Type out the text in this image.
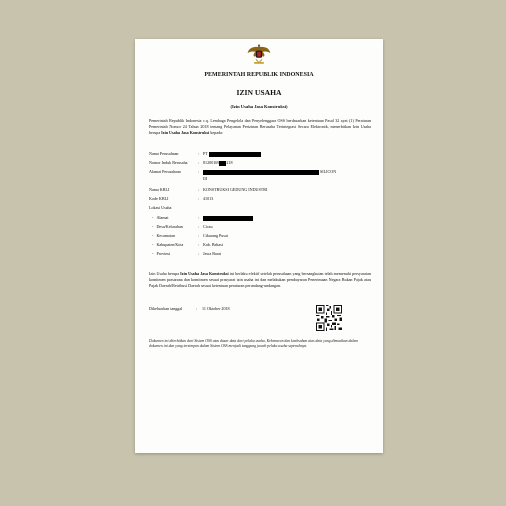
PEMERINTAH REPUBLIK INDONESIA
IZIN USAHA
(Izin Usaha Jasa Konstruksi)
Pemerintah Republik Indonesia c.q. Lembaga Pengelola dan Penyelenggara OSS berdasarkan ketentuan Pasal 32 ayat (1) Peraturan Pemerintah Nomor 24 Tahun 2018 tentang Pelayanan Perizinan Berusaha Terintegrasi Secara Elektronik, menerbitkan Izin Usaha berupa Izin Usaha Jasa Konstruksi kepada:
Nama Perusahaan	: PT
Nomor Induk Berusaha	: 81200169 218
Alamat Perusahaan	:	SILICON
III
Nama KBLI	: KONSTRUKSI GEDUNG INDUSTRI
Kode KBLI	: 41013
Lokasi Usaha
- Alamat	:
- Desa/Kelurahan	: Cicau
- Kecamatan	: Cikarang Pusat
- Kabupaten/Kota	: Kab. Bekasi
- Provinsi	: Jawa Barat
Izin Usaha berupa Izin Usaha Jasa Konstruksi ini berlaku efektif setelah perusahaan yang bersangkutan telah memenuhi persyaratan komitmen prasarana dan komitmen sesuai prasyarat izin usaha ini dan melakukan pembayaran Penerimaan Negara Bukan Pajak atau Pajak Daerah/Retribusi Daerah sesuai ketentuan peraturan perundang-undangan.
Dikeluarkan tanggal	: 11 Oktober 2018
Dokumen ini diterbitkan dari Sistem OSS atas dasar data dari pelaku usaha, Kebenaran dan keabsahan atas data yang dimuatkan dalam dokumen ini dan yang tersimpan dalam Sistem OSS menjadi tanggung jawab pelaku usaha sepenuhnya.
